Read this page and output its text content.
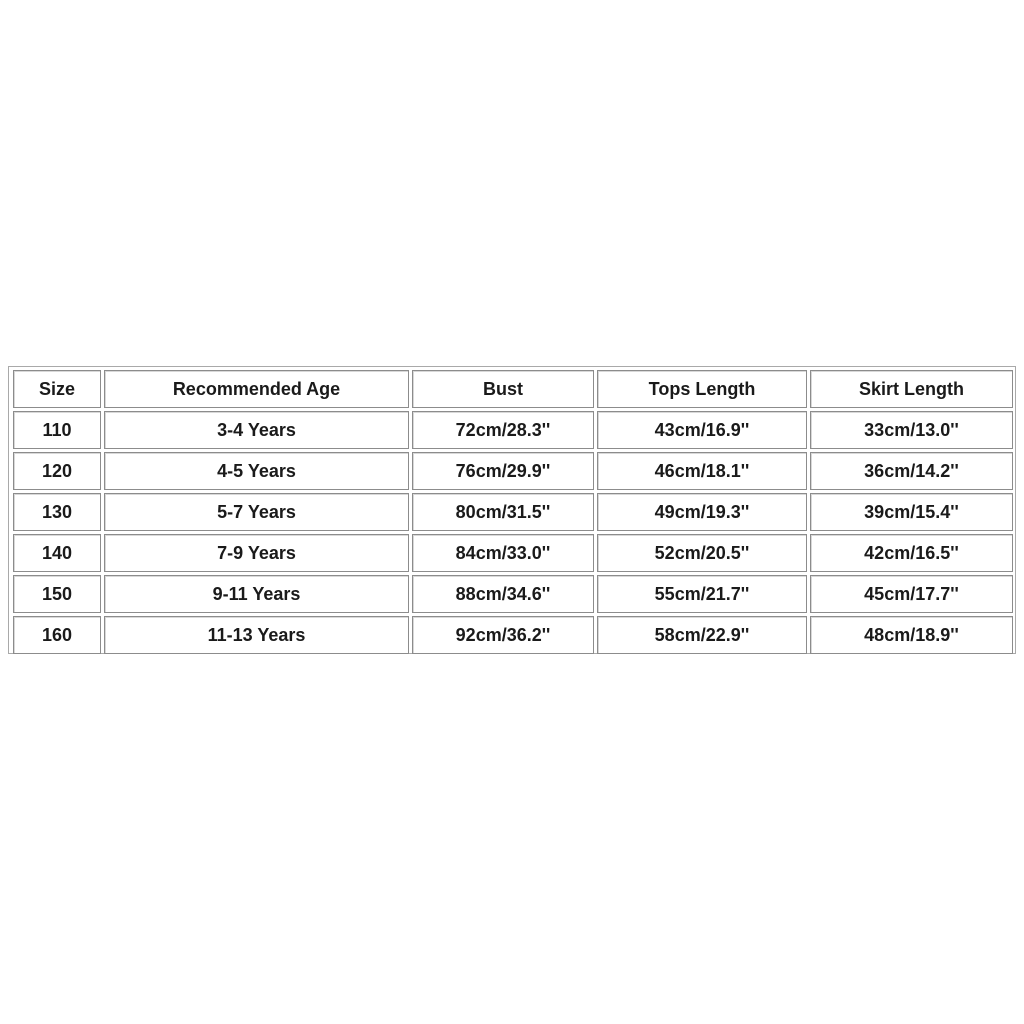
Size	Recommended Age	Bust	Tops Length	Skirt Length
110	3-4 Years	72cm/28.3''	43cm/16.9''	33cm/13.0''
120	4-5 Years	76cm/29.9''	46cm/18.1''	36cm/14.2''
130	5-7 Years	80cm/31.5''	49cm/19.3''	39cm/15.4''
140	7-9 Years	84cm/33.0''	52cm/20.5''	42cm/16.5''
150	9-11 Years	88cm/34.6''	55cm/21.7''	45cm/17.7''
160	11-13 Years	92cm/36.2''	58cm/22.9''	48cm/18.9''
